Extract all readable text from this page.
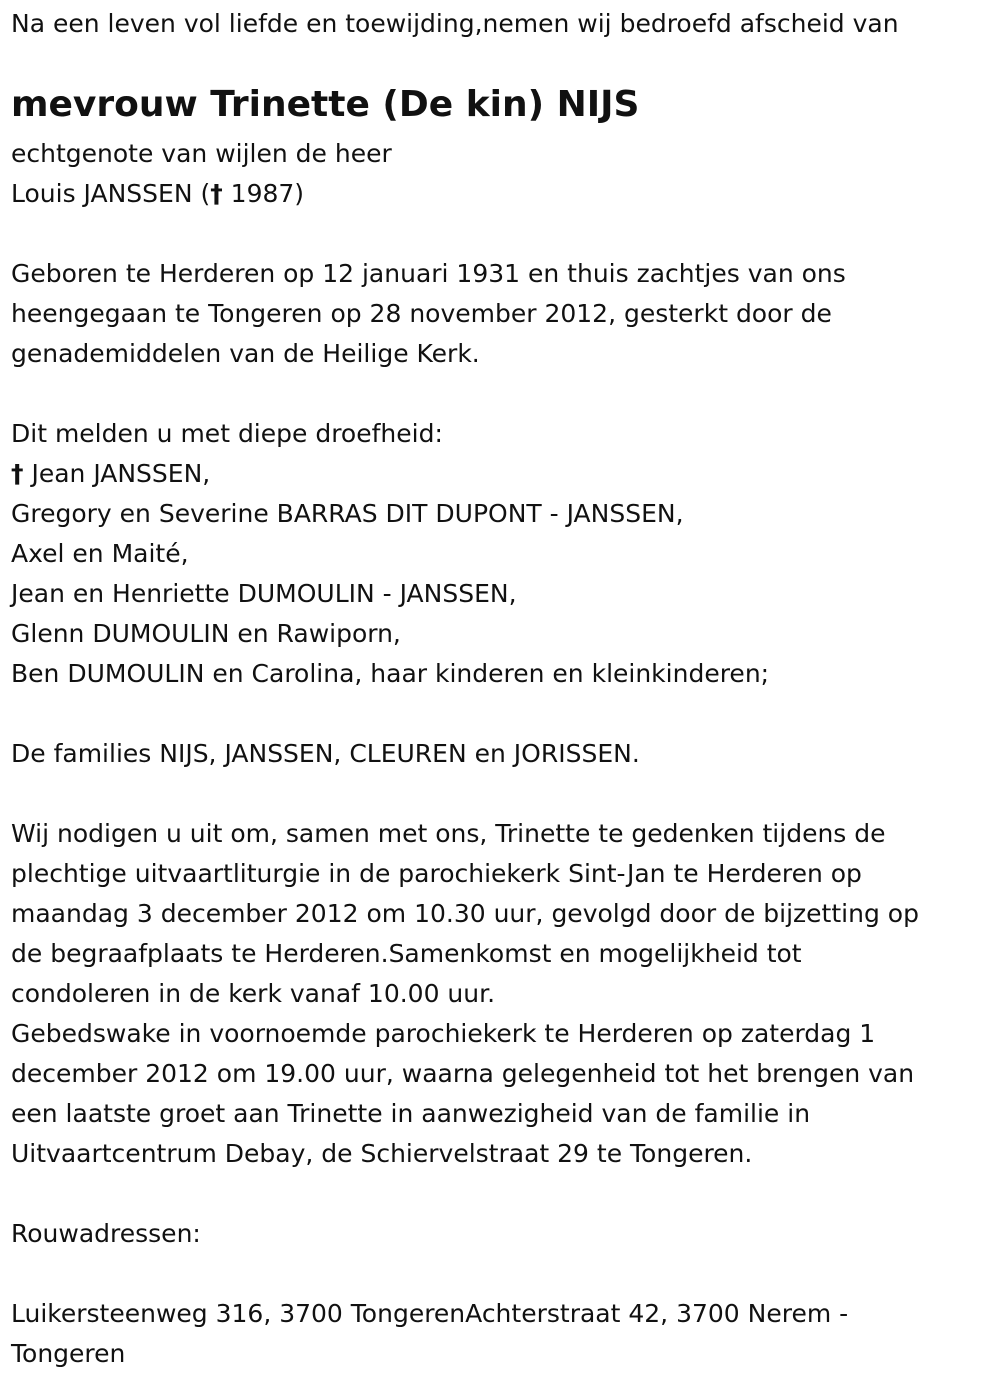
Na een leven vol liefde en toewijding,nemen wij bedroefd afscheid van
mevrouw Trinette (De kin) NIJS
echtgenote van wijlen de heer
Louis JANSSEN († 1987)
Geboren te Herderen op 12 januari 1931 en thuis zachtjes van ons
heengegaan te Tongeren op 28 november 2012, gesterkt door de
genademiddelen van de Heilige Kerk.
Dit melden u met diepe droefheid:
† Jean JANSSEN,
Gregory en Severine BARRAS DIT DUPONT - JANSSEN,
Axel en Maité,
Jean en Henriette DUMOULIN - JANSSEN,
Glenn DUMOULIN en Rawiporn,
Ben DUMOULIN en Carolina, haar kinderen en kleinkinderen;
De families NIJS, JANSSEN, CLEUREN en JORISSEN.
Wij nodigen u uit om, samen met ons, Trinette te gedenken tijdens de
plechtige uitvaartliturgie in de parochiekerk Sint-Jan te Herderen op
maandag 3 december 2012 om 10.30 uur, gevolgd door de bijzetting op
de begraafplaats te Herderen.Samenkomst en mogelijkheid tot
condoleren in de kerk vanaf 10.00 uur.
Gebedswake in voornoemde parochiekerk te Herderen op zaterdag 1
december 2012 om 19.00 uur, waarna gelegenheid tot het brengen van
een laatste groet aan Trinette in aanwezigheid van de familie in
Uitvaartcentrum Debay, de Schiervelstraat 29 te Tongeren.
Rouwadressen:
Luikersteenweg 316, 3700 TongerenAchterstraat 42, 3700 Nerem -
Tongeren
